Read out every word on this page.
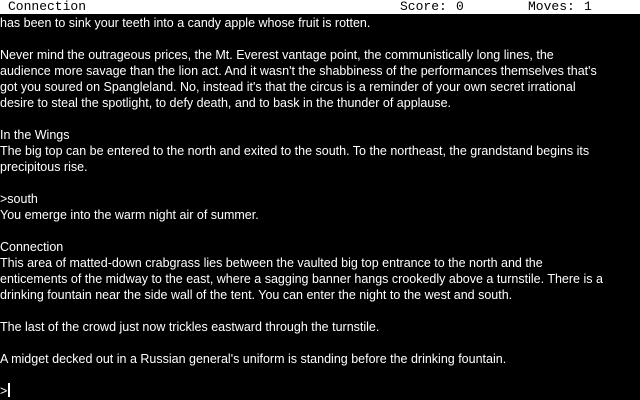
Connection

	Score:

0

	Moves:

1

has been to sink your teeth into a candy apple whose fruit is rotten.
Never mind the outrageous prices, the Mt. Everest vantage point, the communistically long lines, the
audience more savage than the lion act. And it wasn't the shabbiness of the performances themselves that's
got you soured on Spangleland. No, instead it's that the circus is a reminder of your own secret irrational
desire to steal the spotlight, to defy death, and to bask in the thunder of applause.
In the Wings
The big top can be entered to the north and exited to the south. To the northeast, the grandstand begins its
precipitous rise.
>south
You emerge into the warm night air of summer.
Connection
This area of matted-down crabgrass lies between the vaulted big top entrance to the north and the
enticements of the midway to the east, where a sagging banner hangs crookedly above a turnstile. There is a
drinking fountain near the side wall of the tent. You can enter the night to the west and south.
The last of the crowd just now trickles eastward through the turnstile.
A midget decked out in a Russian general's uniform is standing before the drinking fountain.
>
